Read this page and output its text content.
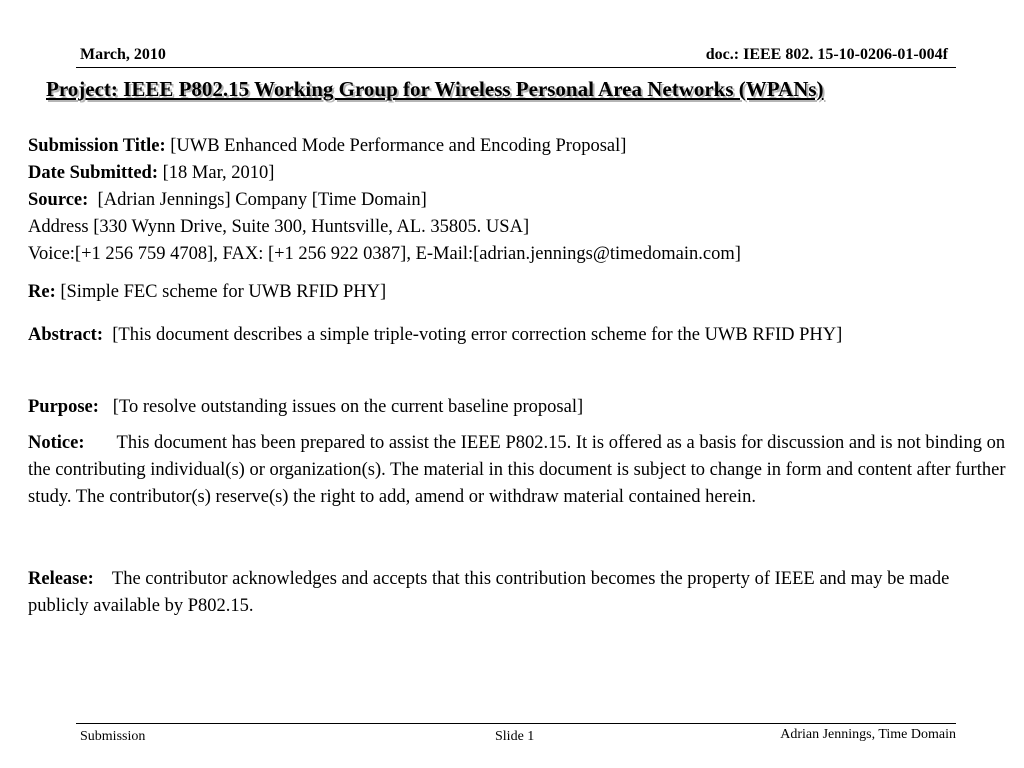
March, 2010	doc.: IEEE 802. 15-10-0206-01-004f
Project: IEEE P802.15 Working Group for Wireless Personal Area Networks (WPANs)
Submission Title: [UWB Enhanced Mode Performance and Encoding Proposal]
Date Submitted: [18 Mar, 2010]
Source: [Adrian Jennings] Company [Time Domain]
Address [330 Wynn Drive, Suite 300, Huntsville, AL. 35805. USA]
Voice:[+1 256 759 4708], FAX: [+1 256 922 0387], E-Mail:[adrian.jennings@timedomain.com]
Re: [Simple FEC scheme for UWB RFID PHY]
Abstract: [This document describes a simple triple-voting error correction scheme for the UWB RFID PHY]
Purpose: [To resolve outstanding issues on the current baseline proposal]
Notice: This document has been prepared to assist the IEEE P802.15. It is offered as a basis for discussion and is not binding on the contributing individual(s) or organization(s). The material in this document is subject to change in form and content after further study. The contributor(s) reserve(s) the right to add, amend or withdraw material contained herein.
Release: The contributor acknowledges and accepts that this contribution becomes the property of IEEE and may be made publicly available by P802.15.
Submission	Slide 1	Adrian Jennings, Time Domain
